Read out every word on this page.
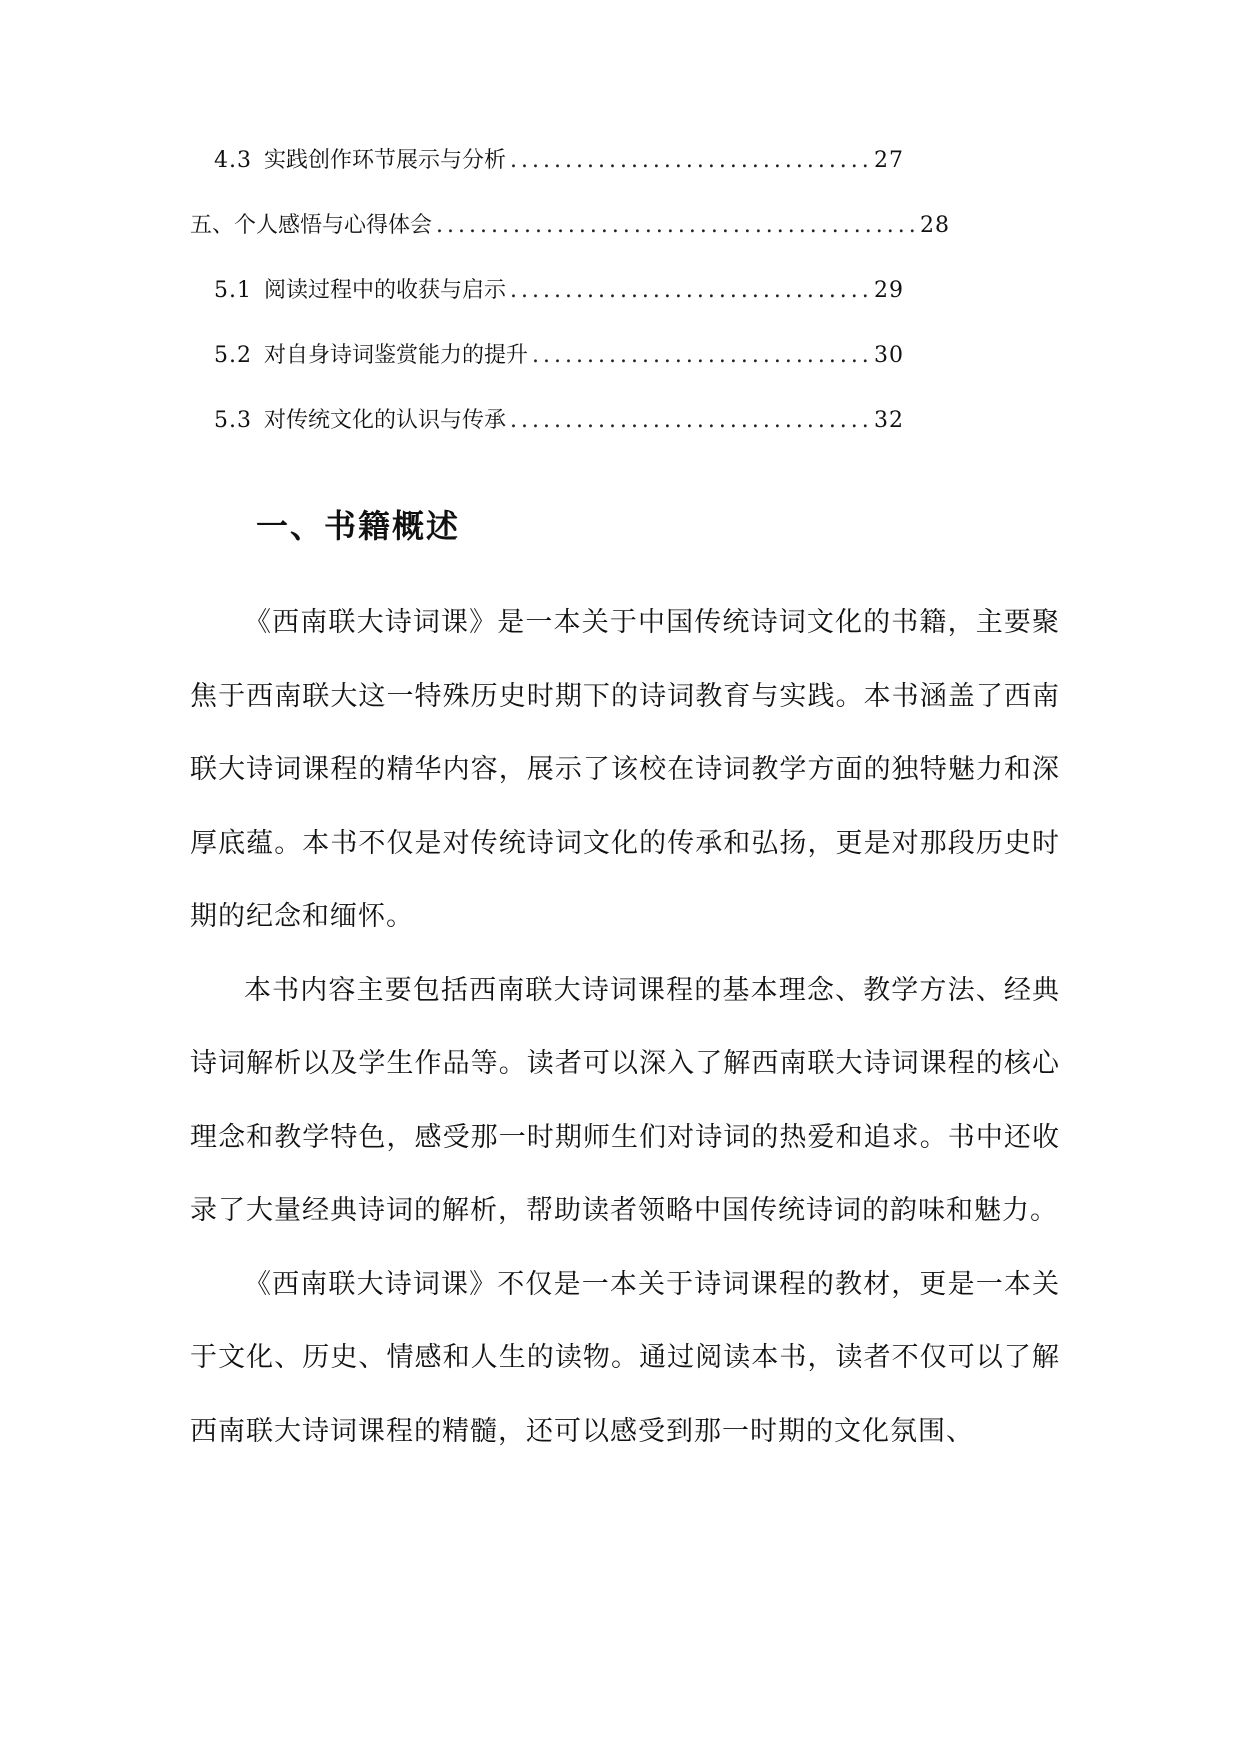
4.3 实践创作环节展示与分析 .....	27
五、个人感悟与心得体会 .....	28
5.1 阅读过程中的收获与启示 .....	29
5.2 对自身诗词鉴赏能力的提升 .....	30
5.3 对传统文化的认识与传承 .....	32
一、书籍概述

《西南联大诗词课》是一本关于中国传统诗词文化的书籍，主要聚焦于西南联大这一特殊历史时期下的诗词教育与实践。本书涵盖了西南联大诗词课程的精华内容，展示了该校在诗词教学方面的独特魅力和深厚底蕴。本书不仅是对传统诗词文化的传承和弘扬，更是对那段历史时期的纪念和缅怀。

本书内容主要包括西南联大诗词课程的基本理念、教学方法、经典诗词解析以及学生作品等。读者可以深入了解西南联大诗词课程的核心理念和教学特色，感受那一时期师生们对诗词的热爱和追求。书中还收录了大量经典诗词的解析，帮助读者领略中国传统诗词的韵味和魅力。

《西南联大诗词课》不仅是一本关于诗词课程的教材，更是一本关于文化、历史、情感和人生的读物。通过阅读本书，读者不仅可以了解西南联大诗词课程的精髓，还可以感受到那一时期的文化氛围、
